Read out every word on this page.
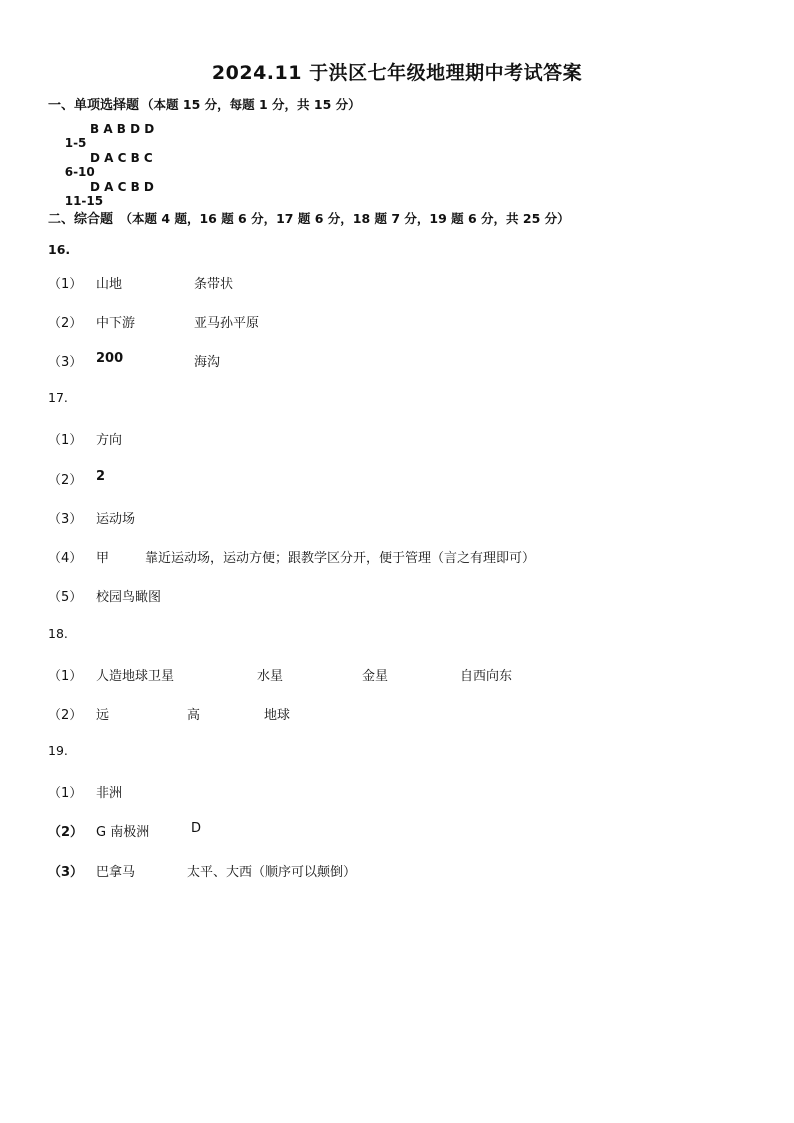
2024.11 于洪区七年级地理期中考试答案
一、单项选择题 （本题 15 分，每题 1 分，共 15 分）

1-5

B A B D D

6-10

D A C B C

11-15

D A C B D

二、综合题 （本题 4 题，16 题 6 分，17 题 6 分，18 题 7 分，19 题 6 分，共 25 分）
16.
（1） 山地	条带状
（2） 中下游	亚马孙平原
（3） 200	海沟
17.
（1） 方向
（2） 2
（3） 运动场
（4） 甲	靠近运动场，运动方便；跟教学区分开，便于管理（言之有理即可）
（5） 校园鸟瞰图
18.
（1） 人造地球卫星	水星	金星	自西向东
（2） 远	高	地球
19.
（1） 非洲
（2） G 南极洲	D
（3） 巴拿马	太平、大西（顺序可以颠倒）
